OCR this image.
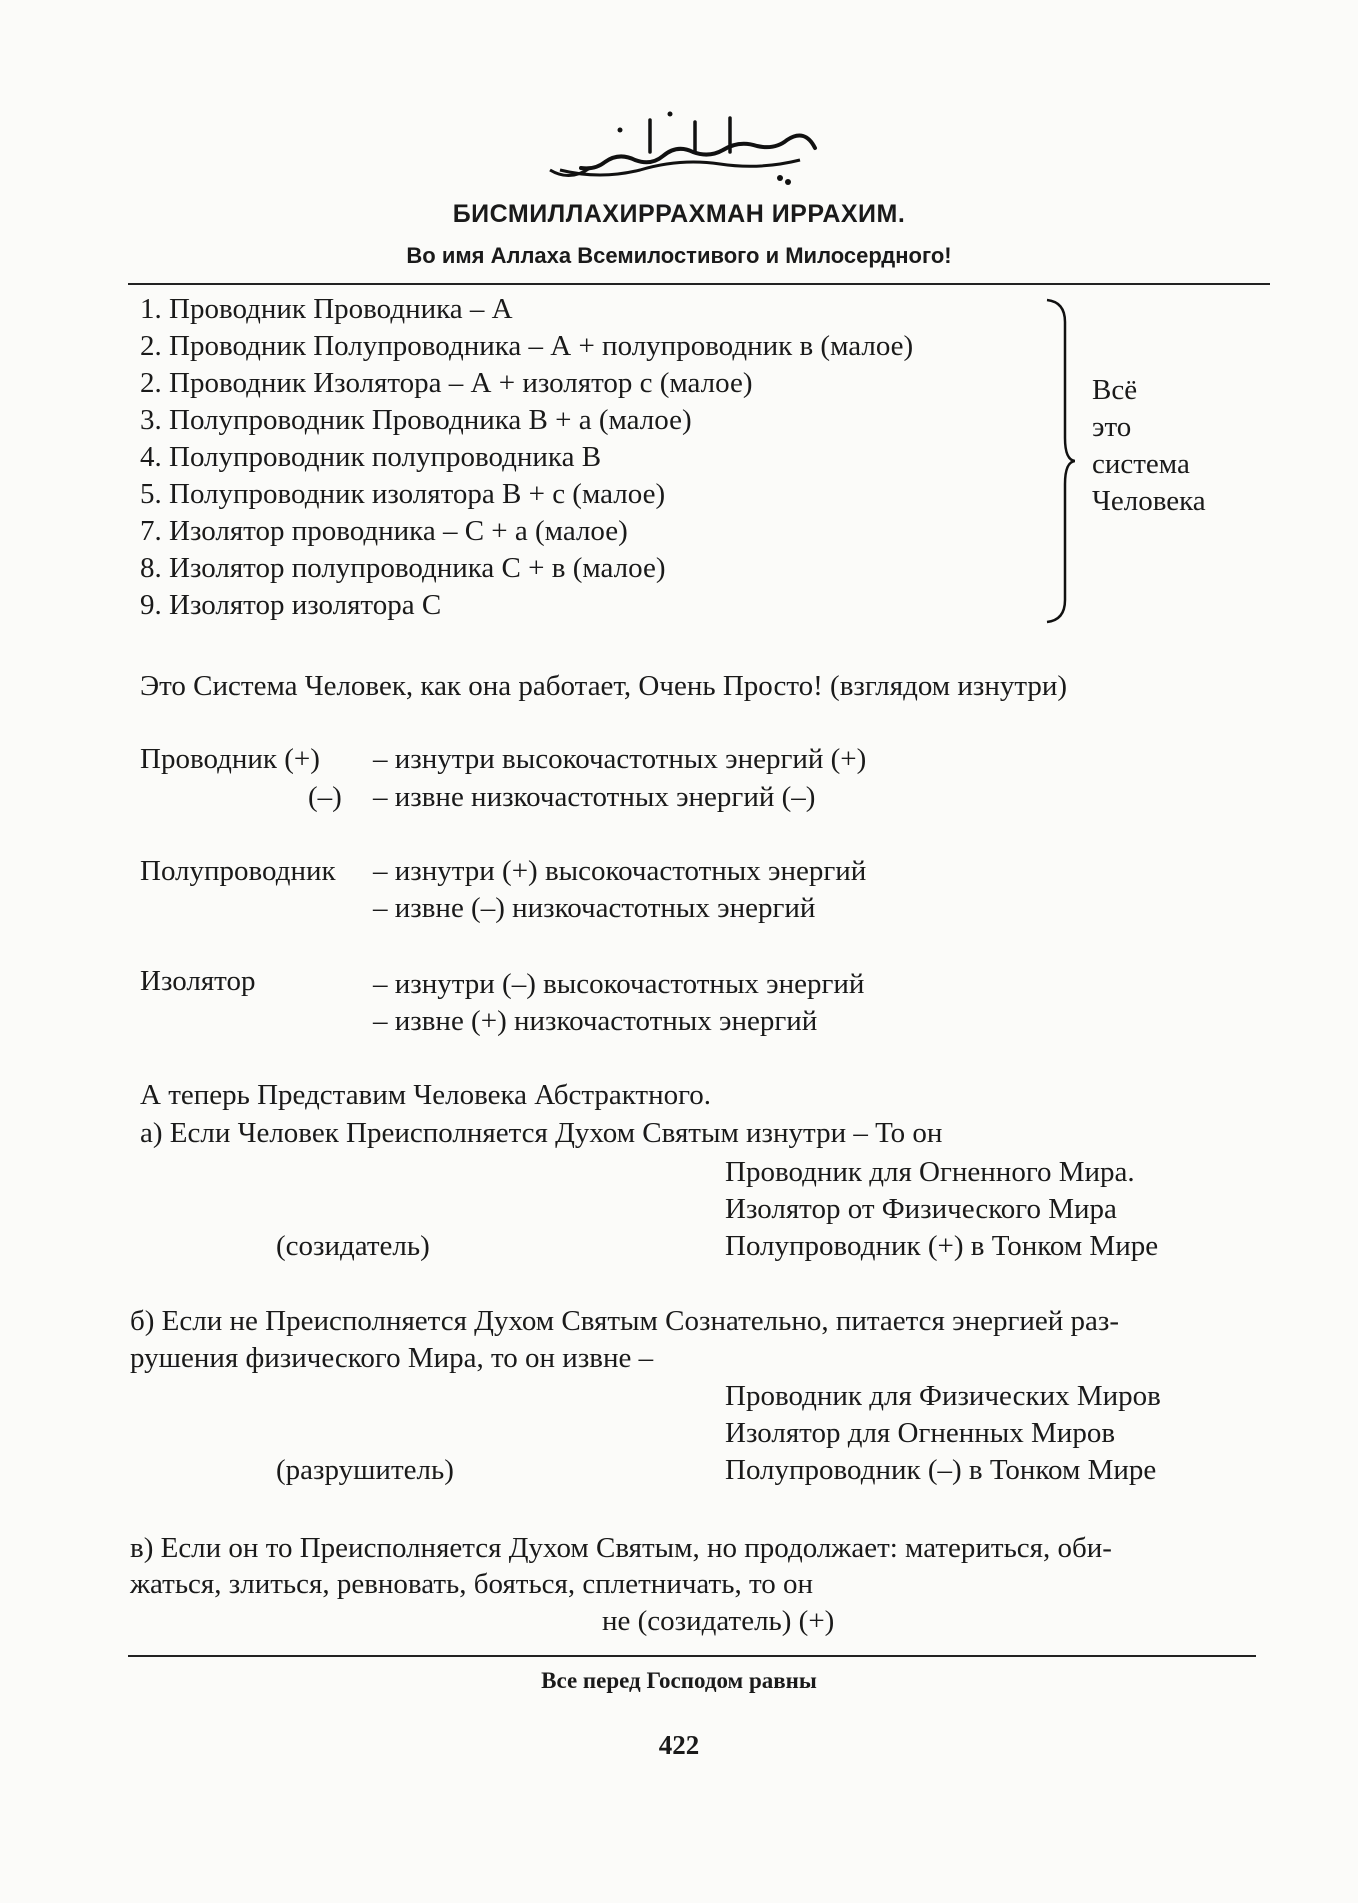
БИСМИЛЛАХИРРАХМАН ИРРАХИМ.
Во имя Аллаха Всемилостивого и Милосердного!
1. Проводник Проводника – А
2. Проводник Полупроводника – А + полупроводник в (малое)
2. Проводник Изолятора – А + изолятор с (малое)
3. Полупроводник Проводника В + а (малое)
4. Полупроводник полупроводника В
5. Полупроводник изолятора В + с (малое)
7. Изолятор проводника – С + а (малое)
8. Изолятор полупроводника С + в (малое)
9. Изолятор изолятора С
Всё
это
система
Человека
Это Система Человек, как она работает, Очень Просто! (взглядом изнутри)
Проводник (+) – изнутри высокочастотных энергий (+)
(–) – извне низкочастотных энергий (–)
Полупроводник – изнутри (+) высокочастотных энергий
– извне (–) низкочастотных энергий
Изолятор	– изнутри (–) высокочастотных энергий
– извне (+) низкочастотных энергий
А теперь Представим Человека Абстрактного.
а) Если Человек Преисполняется Духом Святым изнутри – То он
Проводник для Огненного Мира.
Изолятор от Физического Мира
(созидатель)	Полупроводник (+) в Тонком Мире
б) Если не Преисполняется Духом Святым Сознательно, питается энергией раз-
рушения физического Мира, то он извне –
Проводник для Физических Миров
Изолятор для Огненных Миров
(разрушитель)	Полупроводник (–) в Тонком Мире
в) Если он то Преисполняется Духом Святым, но продолжает: материться, оби-
жаться, злиться, ревновать, бояться, сплетничать, то он
не (созидатель) (+)
Все перед Господом равны
422
